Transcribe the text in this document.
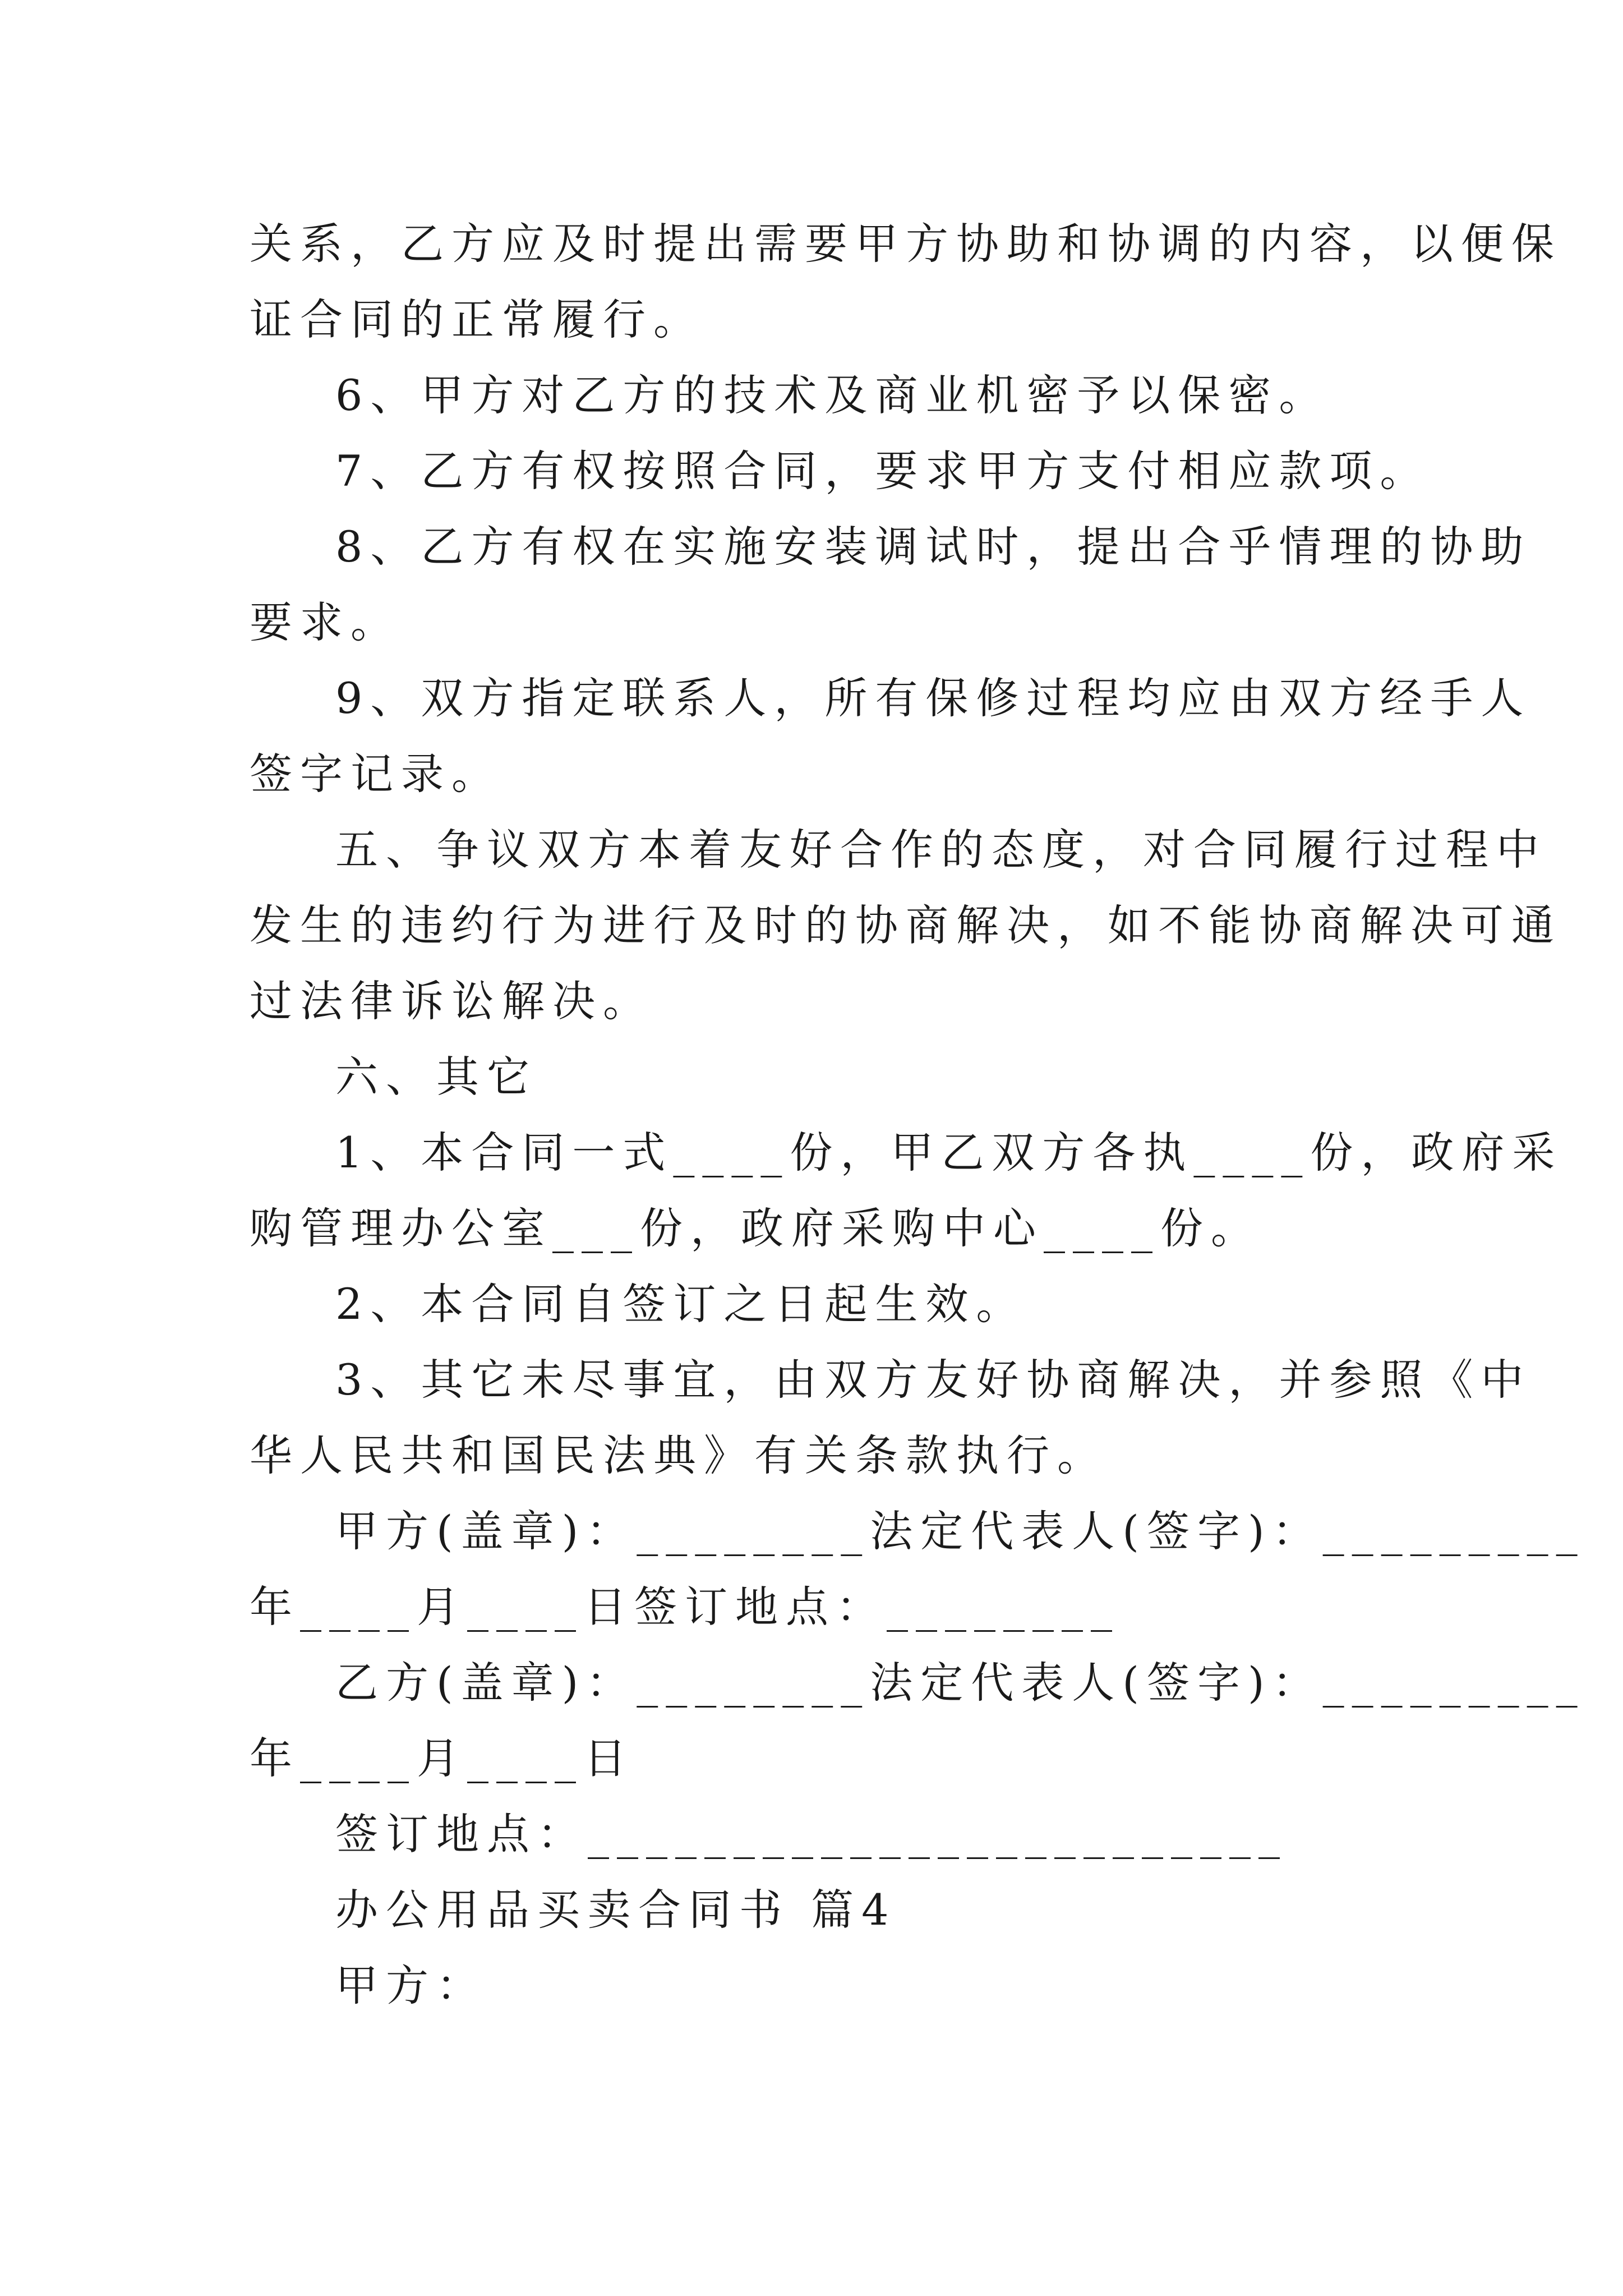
关系，乙方应及时提出需要甲方协助和协调的内容，以便保
证合同的正常履行。
6、甲方对乙方的技术及商业机密予以保密。
7、乙方有权按照合同，要求甲方支付相应款项。
8、乙方有权在实施安装调试时，提出合乎情理的协助
要求。
9、双方指定联系人，所有保修过程均应由双方经手人
签字记录。
五、争议双方本着友好合作的态度，对合同履行过程中
发生的违约行为进行及时的协商解决，如不能协商解决可通
过法律诉讼解决。
六、其它
1、本合同一式____份，甲乙双方各执____份，政府采
购管理办公室___份，政府采购中心____份。
2、本合同自签订之日起生效。
3、其它未尽事宜，由双方友好协商解决，并参照《中
华人民共和国民法典》有关条款执行。
甲方(盖章)：________法定代表人(签字)：_________
年____月____日签订地点：________
乙方(盖章)：________法定代表人(签字)：_________
年____月____日
签订地点：________________________
办公用品买卖合同书 篇4
甲方：
